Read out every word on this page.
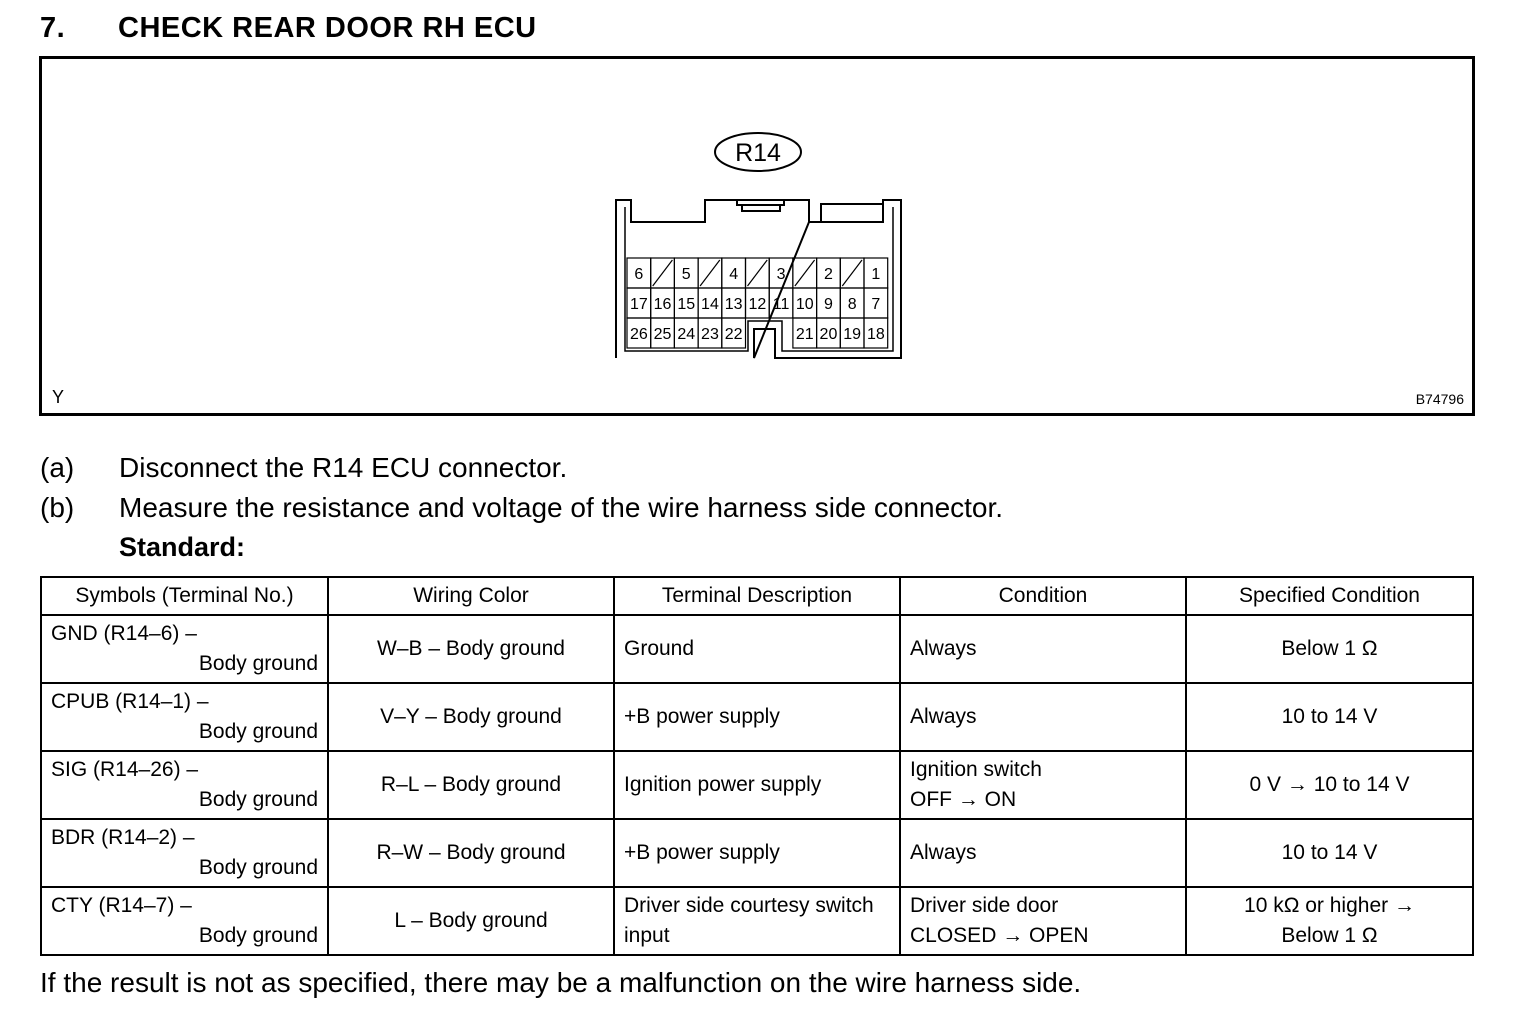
7. CHECK REAR DOOR RH ECU
R14
6 5 4 3 2 1
17 16 15 14 13 12 11 10 9 8 7
26 25 24 23 22	21 20 19 18
Y	B74796
(a) Disconnect the R14 ECU connector.
(b) Measure the resistance and voltage of the wire harness side connector.
Standard:
Symbols (Terminal No.)	Wiring Color	Terminal Description	Condition	Specified Condition

GND (R14–6) –
Body ground	W–B – Body ground	Ground	Always	Below 1 Ω

CPUB (R14–1) –
Body ground	V–Y – Body ground	+B power supply	Always	10 to 14 V

SIG (R14–26) –
Body ground	R–L – Body ground	Ignition power supply	Ignition switch
OFF → ON	0 V → 10 to 14 V

BDR (R14–2) –
Body ground	R–W – Body ground	+B power supply	Always	10 to 14 V

CTY (R14–7) –
Body ground	L – Body ground	Driver side courtesy switch input	Driver side door
CLOSED → OPEN	10 kΩ or higher →
Below 1 Ω
If the result is not as specified, there may be a malfunction on the wire harness side.
